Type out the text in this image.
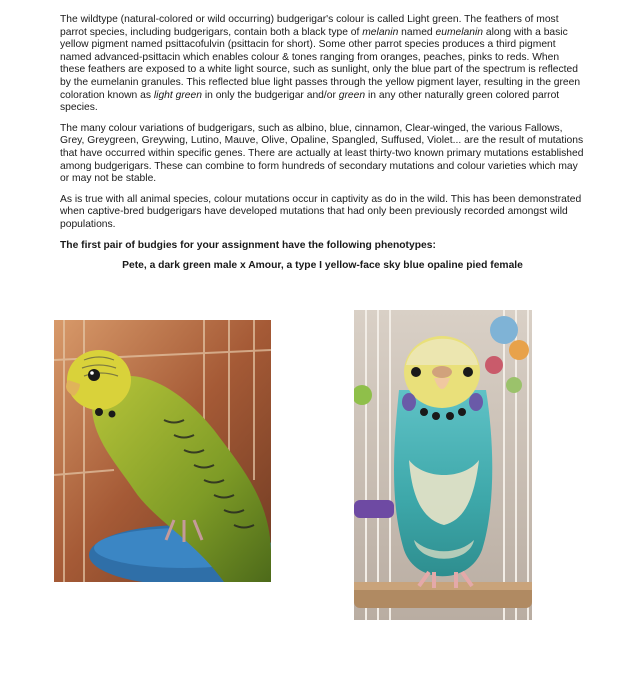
The wildtype (natural-colored or wild occurring) budgerigar's colour is called Light green. The feathers of most parrot species, including budgerigars, contain both a black type of melanin named eumelanin along with a basic yellow pigment named psittacofulvin (psittacin for short). Some other parrot species produces a third pigment named advanced-psittacin which enables colour & tones ranging from oranges, peaches, pinks to reds. When these feathers are exposed to a white light source, such as sunlight, only the blue part of the spectrum is reflected by the eumelanin granules. This reflected blue light passes through the yellow pigment layer, resulting in the green coloration known as light green in only the budgerigar and/or green in any other naturally green colored parrot species.

The many colour variations of budgerigars, such as albino, blue, cinnamon, Clear-winged, the various Fallows, Grey, Greygreen, Greywing, Lutino, Mauve, Olive, Opaline, Spangled, Suffused, Violet... are the result of mutations that have occurred within specific genes. There are actually at least thirty-two known primary mutations established among budgerigars. These can combine to form hundreds of secondary mutations and colour varieties which may or may not be stable.

As is true with all animal species, colour mutations occur in captivity as do in the wild. This has been demonstrated when captive-bred budgerigars have developed mutations that had only been previously recorded amongst wild populations.

The first pair of budgies for your assignment have the following phenotypes:

Pete, a dark green male x Amour, a type I yellow-face sky blue opaline pied female
